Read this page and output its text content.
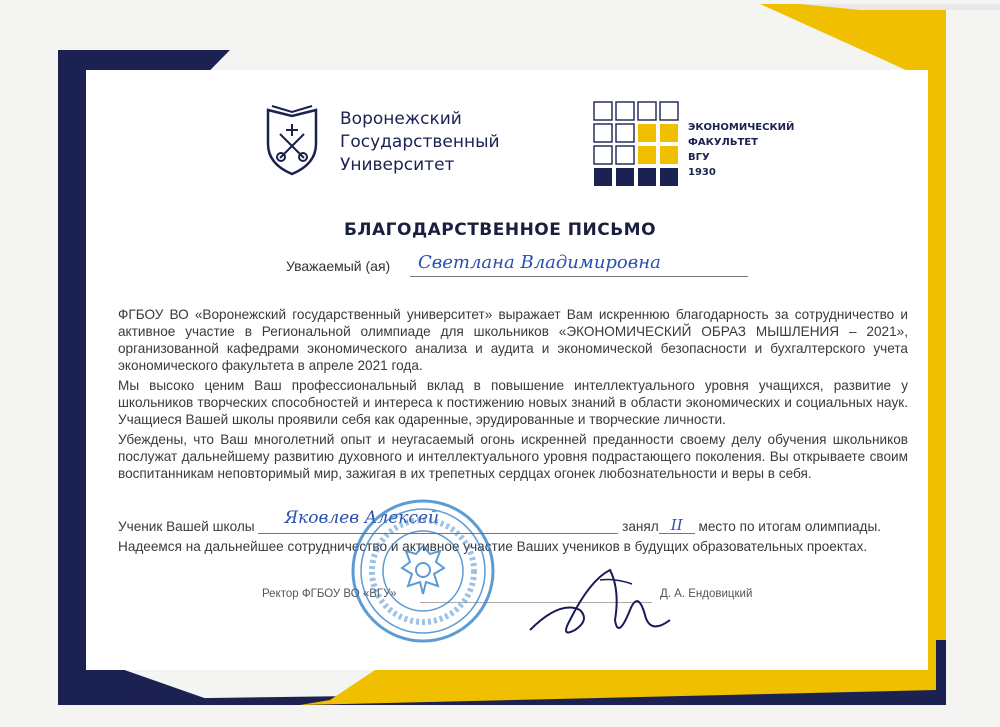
Воронежский
Государственный
Университет
ЭКОНОМИЧЕСКИЙ
ФАКУЛЬТЕТ
ВГУ
1930
БЛАГОДАРСТВЕННОЕ ПИСЬМО
Уважаемый (ая)	Светлана Владимировна

ФГБОУ ВО «Воронежский государственный университет» выражает Вам искреннюю благодарность за сотрудничество и активное участие в Региональной олимпиаде для школьников «ЭКОНОМИЧЕСКИЙ ОБРАЗ МЫШЛЕНИЯ – 2021», организованной кафедрами экономического анализа и аудита и экономической безопасности и бухгалтерского учета экономического факультета в апреле 2021 года.

Мы высоко ценим Ваш профессиональный вклад в повышение интеллектуального уровня учащихся, развитие у школьников творческих способностей и интереса к постижению новых знаний в области экономических и социальных наук. Учащиеся Вашей школы проявили себя как одаренные, эрудированные и творческие личности.

Убеждены, что Ваш многолетний опыт и неугасаемый огонь искренней преданности своему делу обучения школьников послужат дальнейшему развитию духовного и интеллектуального уровня подрастающего поколения. Вы открываете своим воспитанникам неповторимый мир, зажигая в их трепетных сердцах огонек любознательности и веры в себя.

Ученик Вашей школы Яковлев Алексей	занял II место по итогам олимпиады.
Надеемся на дальнейшее сотрудничество и активное участие Ваших учеников в будущих образовательных проектах.
Ректор ФГБОУ ВО «ВГУ»	Д. А. Ендовицкий
